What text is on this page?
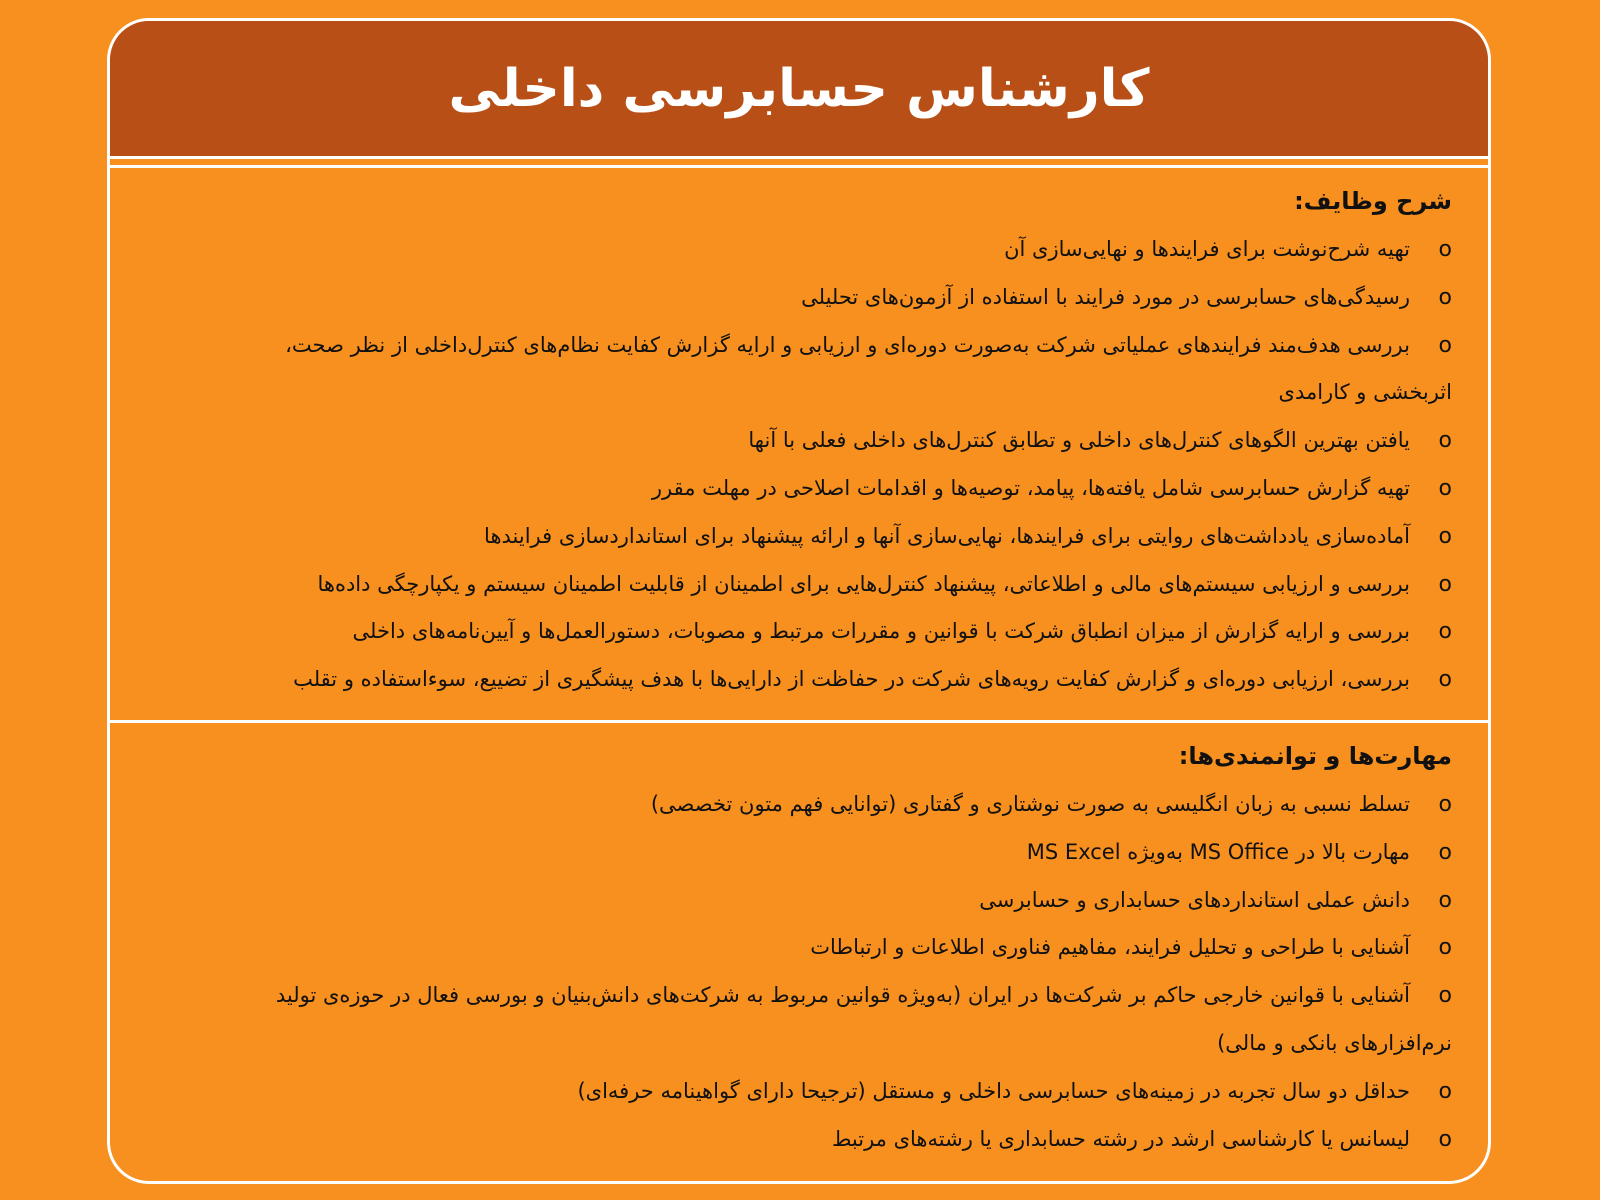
کارشناس حسابرسی داخلی
شرح وظایف:
o
تهیه شرح‌نوشت برای فرایندها و نهایی‌سازی آن
o
رسیدگی‌های حسابرسی در مورد فرایند با استفاده از آزمون‌های تحلیلی
o
بررسی هدف‌مند فرایندهای عملیاتی شرکت به‌صورت دوره‌ای و ارزیابی و ارایه گزارش کفایت نظام‌های کنترل‌داخلی از نظر صحت،
اثربخشی و کارامدی
o
یافتن بهترین الگوهای کنترل‌های داخلی و تطابق کنترل‌های داخلی فعلی با آنها
o
تهیه گزارش حسابرسی شامل یافته‌ها، پیامد، توصیه‌ها و اقدامات اصلاحی در مهلت مقرر
o
آماده‌سازی یادداشت‌های روایتی برای فرایندها، نهایی‌سازی آنها و ارائه پیشنهاد برای استانداردسازی فرایندها
o
بررسی و ارزیابی سیستم‌های مالی و اطلاعاتی، پیشنهاد کنترل‌هایی برای اطمینان از قابلیت اطمینان سیستم و یکپارچگی داده‌ها
o
بررسی و ارایه گزارش از میزان انطباق شرکت با قوانین و مقررات مرتبط و مصوبات، دستورالعمل‌ها و آیین‌نامه‌های داخلی
o
بررسی، ارزیابی دوره‌ای و گزارش کفایت رویه‌های شرکت در حفاظت از دارایی‌ها با هدف پیشگیری از تضییع، سوء‌استفاده و تقلب
مهارت‌ها و توانمندی‌ها:
o
تسلط نسبی به زبان انگلیسی به صورت نوشتاری و گفتاری (توانایی فهم متون تخصصی)
o
مهارت بالا در MS Office به‌ویژه MS Excel
o
دانش عملی استانداردهای حسابداری و حسابرسی
o
آشنایی با طراحی و تحلیل فرایند، مفاهیم فناوری اطلاعات و ارتباطات
o
آشنایی با قوانین خارجی حاکم بر شرکت‌ها در ایران (به‌ویژه قوانین مربوط به شرکت‌های دانش‌بنیان و بورسی فعال در حوزه‌ی تولید
نرم‌افزارهای بانکی و مالی)
o
حداقل دو سال تجربه در زمینه‌های حسابرسی داخلی و مستقل (ترجیحا دارای گواهینامه حرفه‌ای)
o
لیسانس یا کارشناسی ارشد در رشته حسابداری یا رشته‌های مرتبط
